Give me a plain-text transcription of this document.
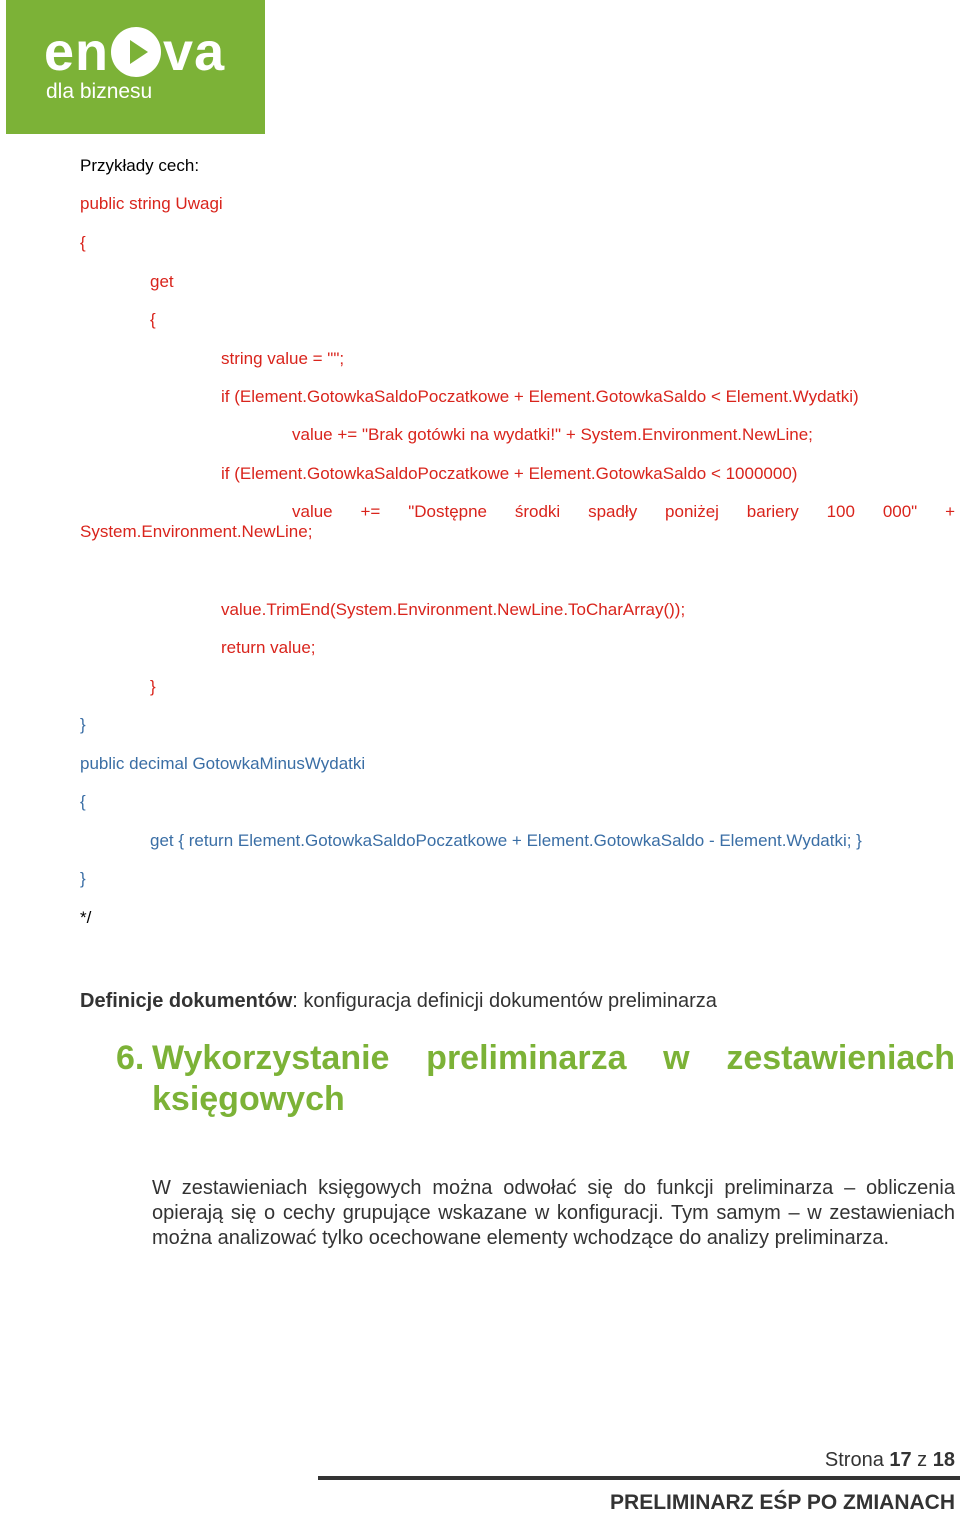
en va
dla biznesu
Przykłady cech:
public string Uwagi
{
get
{
string value = "";
if (Element.GotowkaSaldoPoczatkowe + Element.GotowkaSaldo < Element.Wydatki)
value += "Brak gotówki na wydatki!" + System.Environment.NewLine;
if (Element.GotowkaSaldoPoczatkowe + Element.GotowkaSaldo < 1000000)
value += "Dostępne środki spadły poniżej bariery 100 000" +
System.Environment.NewLine;
value.TrimEnd(System.Environment.NewLine.ToCharArray());
return value;
}
}
public decimal GotowkaMinusWydatki
{
get { return Element.GotowkaSaldoPoczatkowe + Element.GotowkaSaldo - Element.Wydatki; }
}
*/
Definicje dokumentów: konfiguracja definicji dokumentów preliminarza
6. Wykorzystanie preliminarza w zestawieniach
księgowych
W zestawieniach księgowych można odwołać się do funkcji preliminarza – obliczenia opierają się o cechy grupujące wskazane w konfiguracji. Tym samym – w zestawieniach można analizować tylko ocechowane elementy wchodzące do analizy preliminarza.
Strona 17 z 18
PRELIMINARZ EŚP PO ZMIANACH
